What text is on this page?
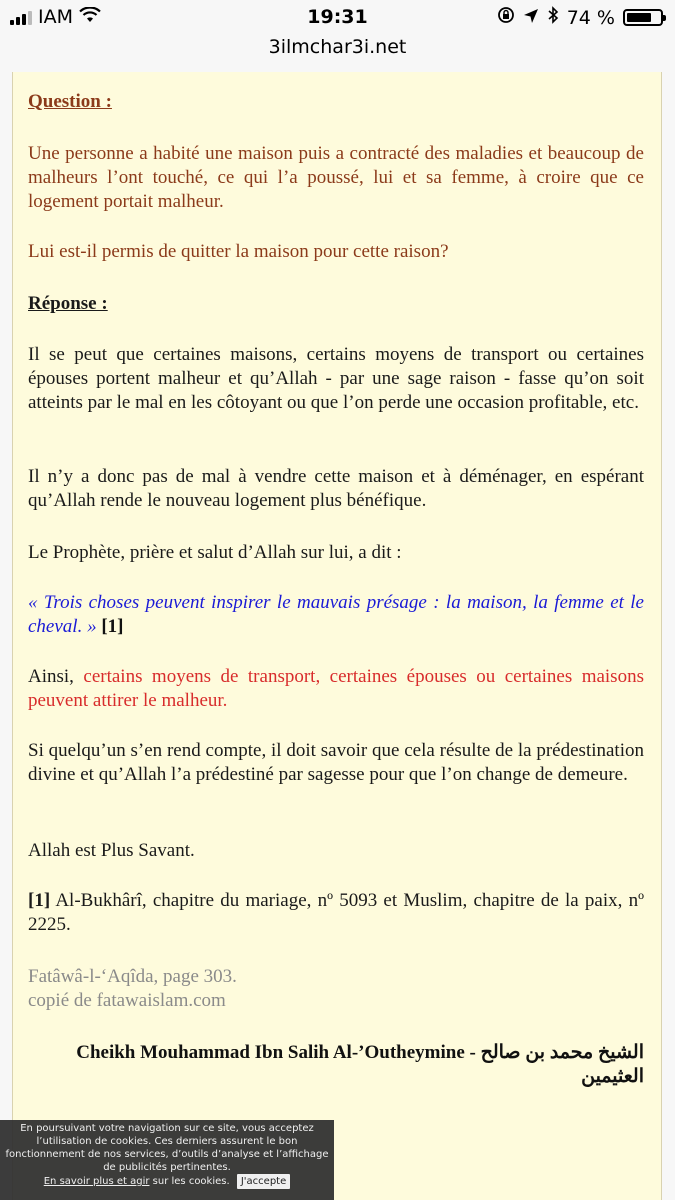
IAM	19:31	74 %
3ilmchar3i.net

Question :

Une personne a habité une maison puis a contracté des maladies et beaucoup de malheurs l’ont touché, ce qui l’a poussé, lui et sa femme, à croire que ce logement portait malheur.

Lui est-il permis de quitter la maison pour cette raison?

Réponse :

Il se peut que certaines maisons, certains moyens de transport ou certaines épouses portent malheur et qu’Allah - par une sage raison - fasse qu’on soit atteints par le mal en les côtoyant ou que l’on perde une occasion profitable, etc.

Il n’y a donc pas de mal à vendre cette maison et à déménager, en espérant qu’Allah rende le nouveau logement plus bénéfique.

Le Prophète, prière et salut d’Allah sur lui, a dit :

« Trois choses peuvent inspirer le mauvais présage : la maison, la femme et le cheval. » [1]

Ainsi, certains moyens de transport, certaines épouses ou certaines maisons peuvent attirer le malheur.

Si quelqu’un s’en rend compte, il doit savoir que cela résulte de la prédestination divine et qu’Allah l’a prédestiné par sagesse pour que l’on change de demeure.

Allah est Plus Savant.

[1] Al-Bukhârî, chapitre du mariage, nº 5093 et Muslim, chapitre de la paix, nº 2225.

Fatâwâ-l-‘Aqîda, page 303.

copié de fatawaislam.com

Cheikh Mouhammad Ibn Salih Al-’Outheymine - الشيخ محمد بن صالح العثيمين

En poursuivant votre navigation sur ce site, vous acceptez l’utilisation de cookies. Ces derniers assurent le bon fonctionnement de nos services, d’outils d’analyse et l’affichage de publicités pertinentes.
En savoir plus et agir sur les cookies. J'accepte
